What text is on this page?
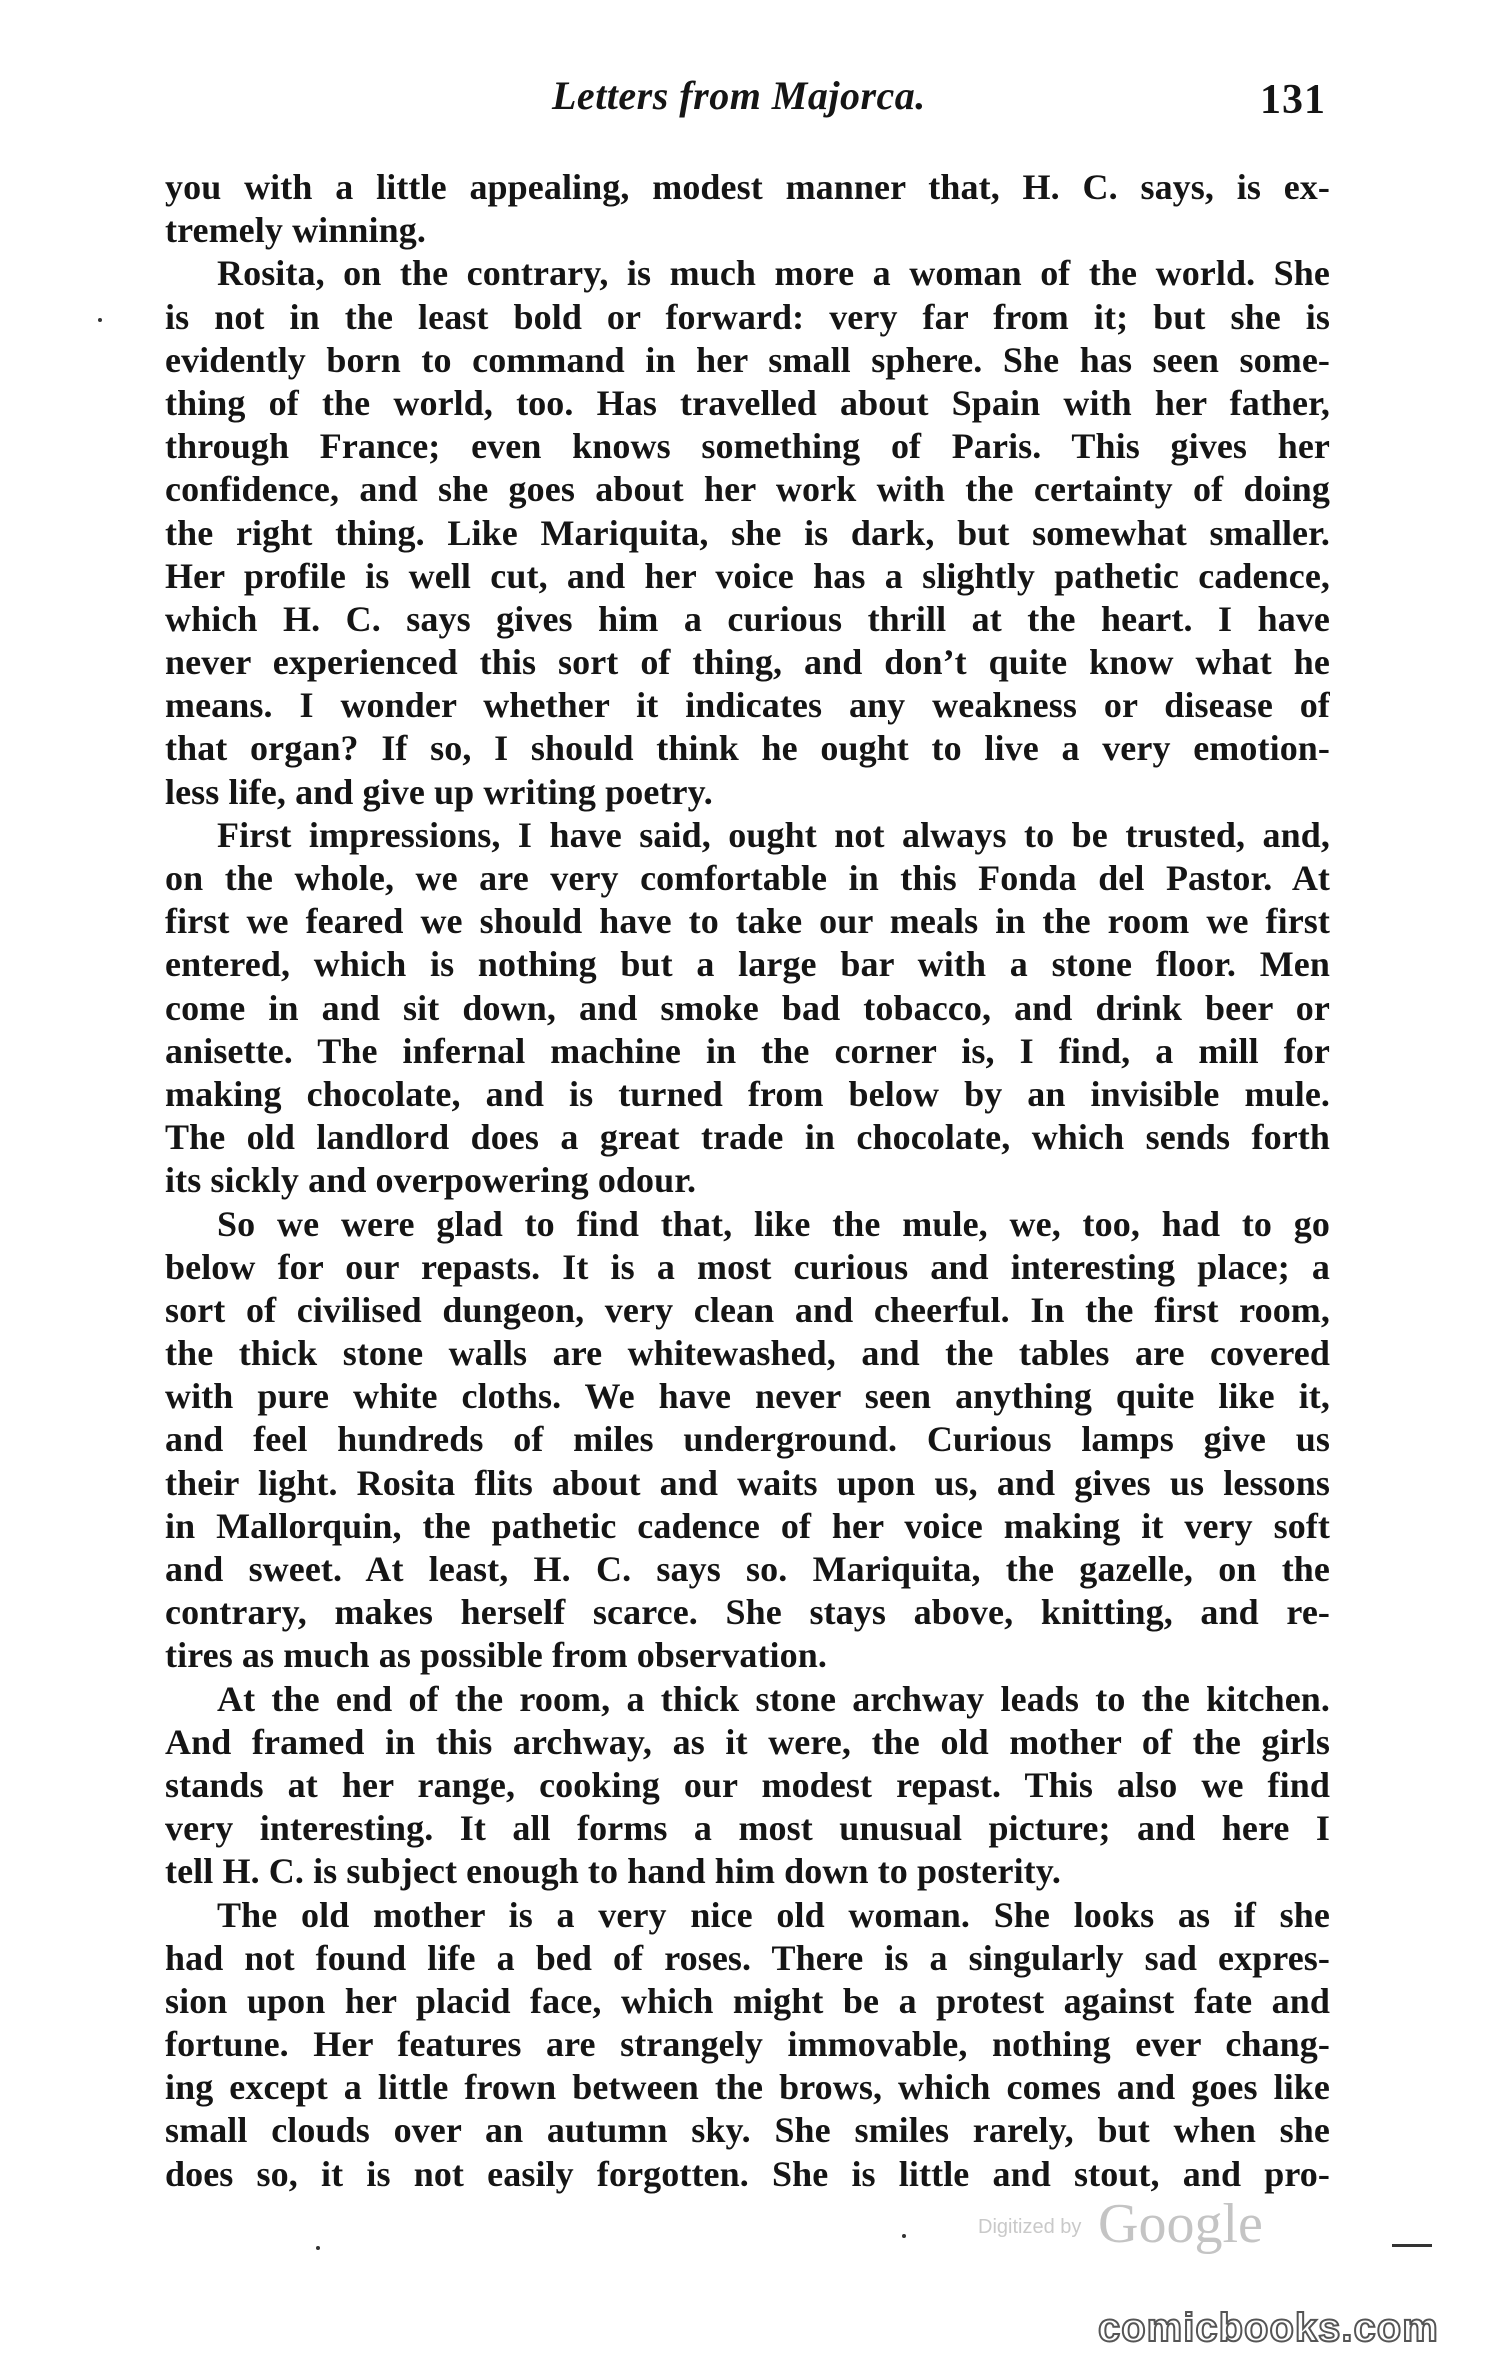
Letters from Majorca.	131
you with a little appealing, modest manner that, H. C. says, is ex-
tremely winning.
Rosita, on the contrary, is much more a woman of the world. She
is not in the least bold or forward: very far from it; but she is
evidently born to command in her small sphere. She has seen some-
thing of the world, too. Has travelled about Spain with her father,
through France; even knows something of Paris. This gives her
confidence, and she goes about her work with the certainty of doing
the right thing. Like Mariquita, she is dark, but somewhat smaller.
Her profile is well cut, and her voice has a slightly pathetic cadence,
which H. C. says gives him a curious thrill at the heart. I have
never experienced this sort of thing, and don’t quite know what he
means. I wonder whether it indicates any weakness or disease of
that organ? If so, I should think he ought to live a very emotion-
less life, and give up writing poetry.
First impressions, I have said, ought not always to be trusted, and,
on the whole, we are very comfortable in this Fonda del Pastor. At
first we feared we should have to take our meals in the room we first
entered, which is nothing but a large bar with a stone floor. Men
come in and sit down, and smoke bad tobacco, and drink beer or
anisette. The infernal machine in the corner is, I find, a mill for
making chocolate, and is turned from below by an invisible mule.
The old landlord does a great trade in chocolate, which sends forth
its sickly and overpowering odour.
So we were glad to find that, like the mule, we, too, had to go
below for our repasts. It is a most curious and interesting place; a
sort of civilised dungeon, very clean and cheerful. In the first room,
the thick stone walls are whitewashed, and the tables are covered
with pure white cloths. We have never seen anything quite like it,
and feel hundreds of miles underground. Curious lamps give us
their light. Rosita flits about and waits upon us, and gives us lessons
in Mallorquin, the pathetic cadence of her voice making it very soft
and sweet. At least, H. C. says so. Mariquita, the gazelle, on the
contrary, makes herself scarce. She stays above, knitting, and re-
tires as much as possible from observation.
At the end of the room, a thick stone archway leads to the kitchen.
And framed in this archway, as it were, the old mother of the girls
stands at her range, cooking our modest repast. This also we find
very interesting. It all forms a most unusual picture; and here I
tell H. C. is subject enough to hand him down to posterity.
The old mother is a very nice old woman. She looks as if she
had not found life a bed of roses. There is a singularly sad expres-
sion upon her placid face, which might be a protest against fate and
fortune. Her features are strangely immovable, nothing ever chang-
ing except a little frown between the brows, which comes and goes like
small clouds over an autumn sky. She smiles rarely, but when she
does so, it is not easily forgotten. She is little and stout, and pro-
Digitized by Google
comicbooks.com
